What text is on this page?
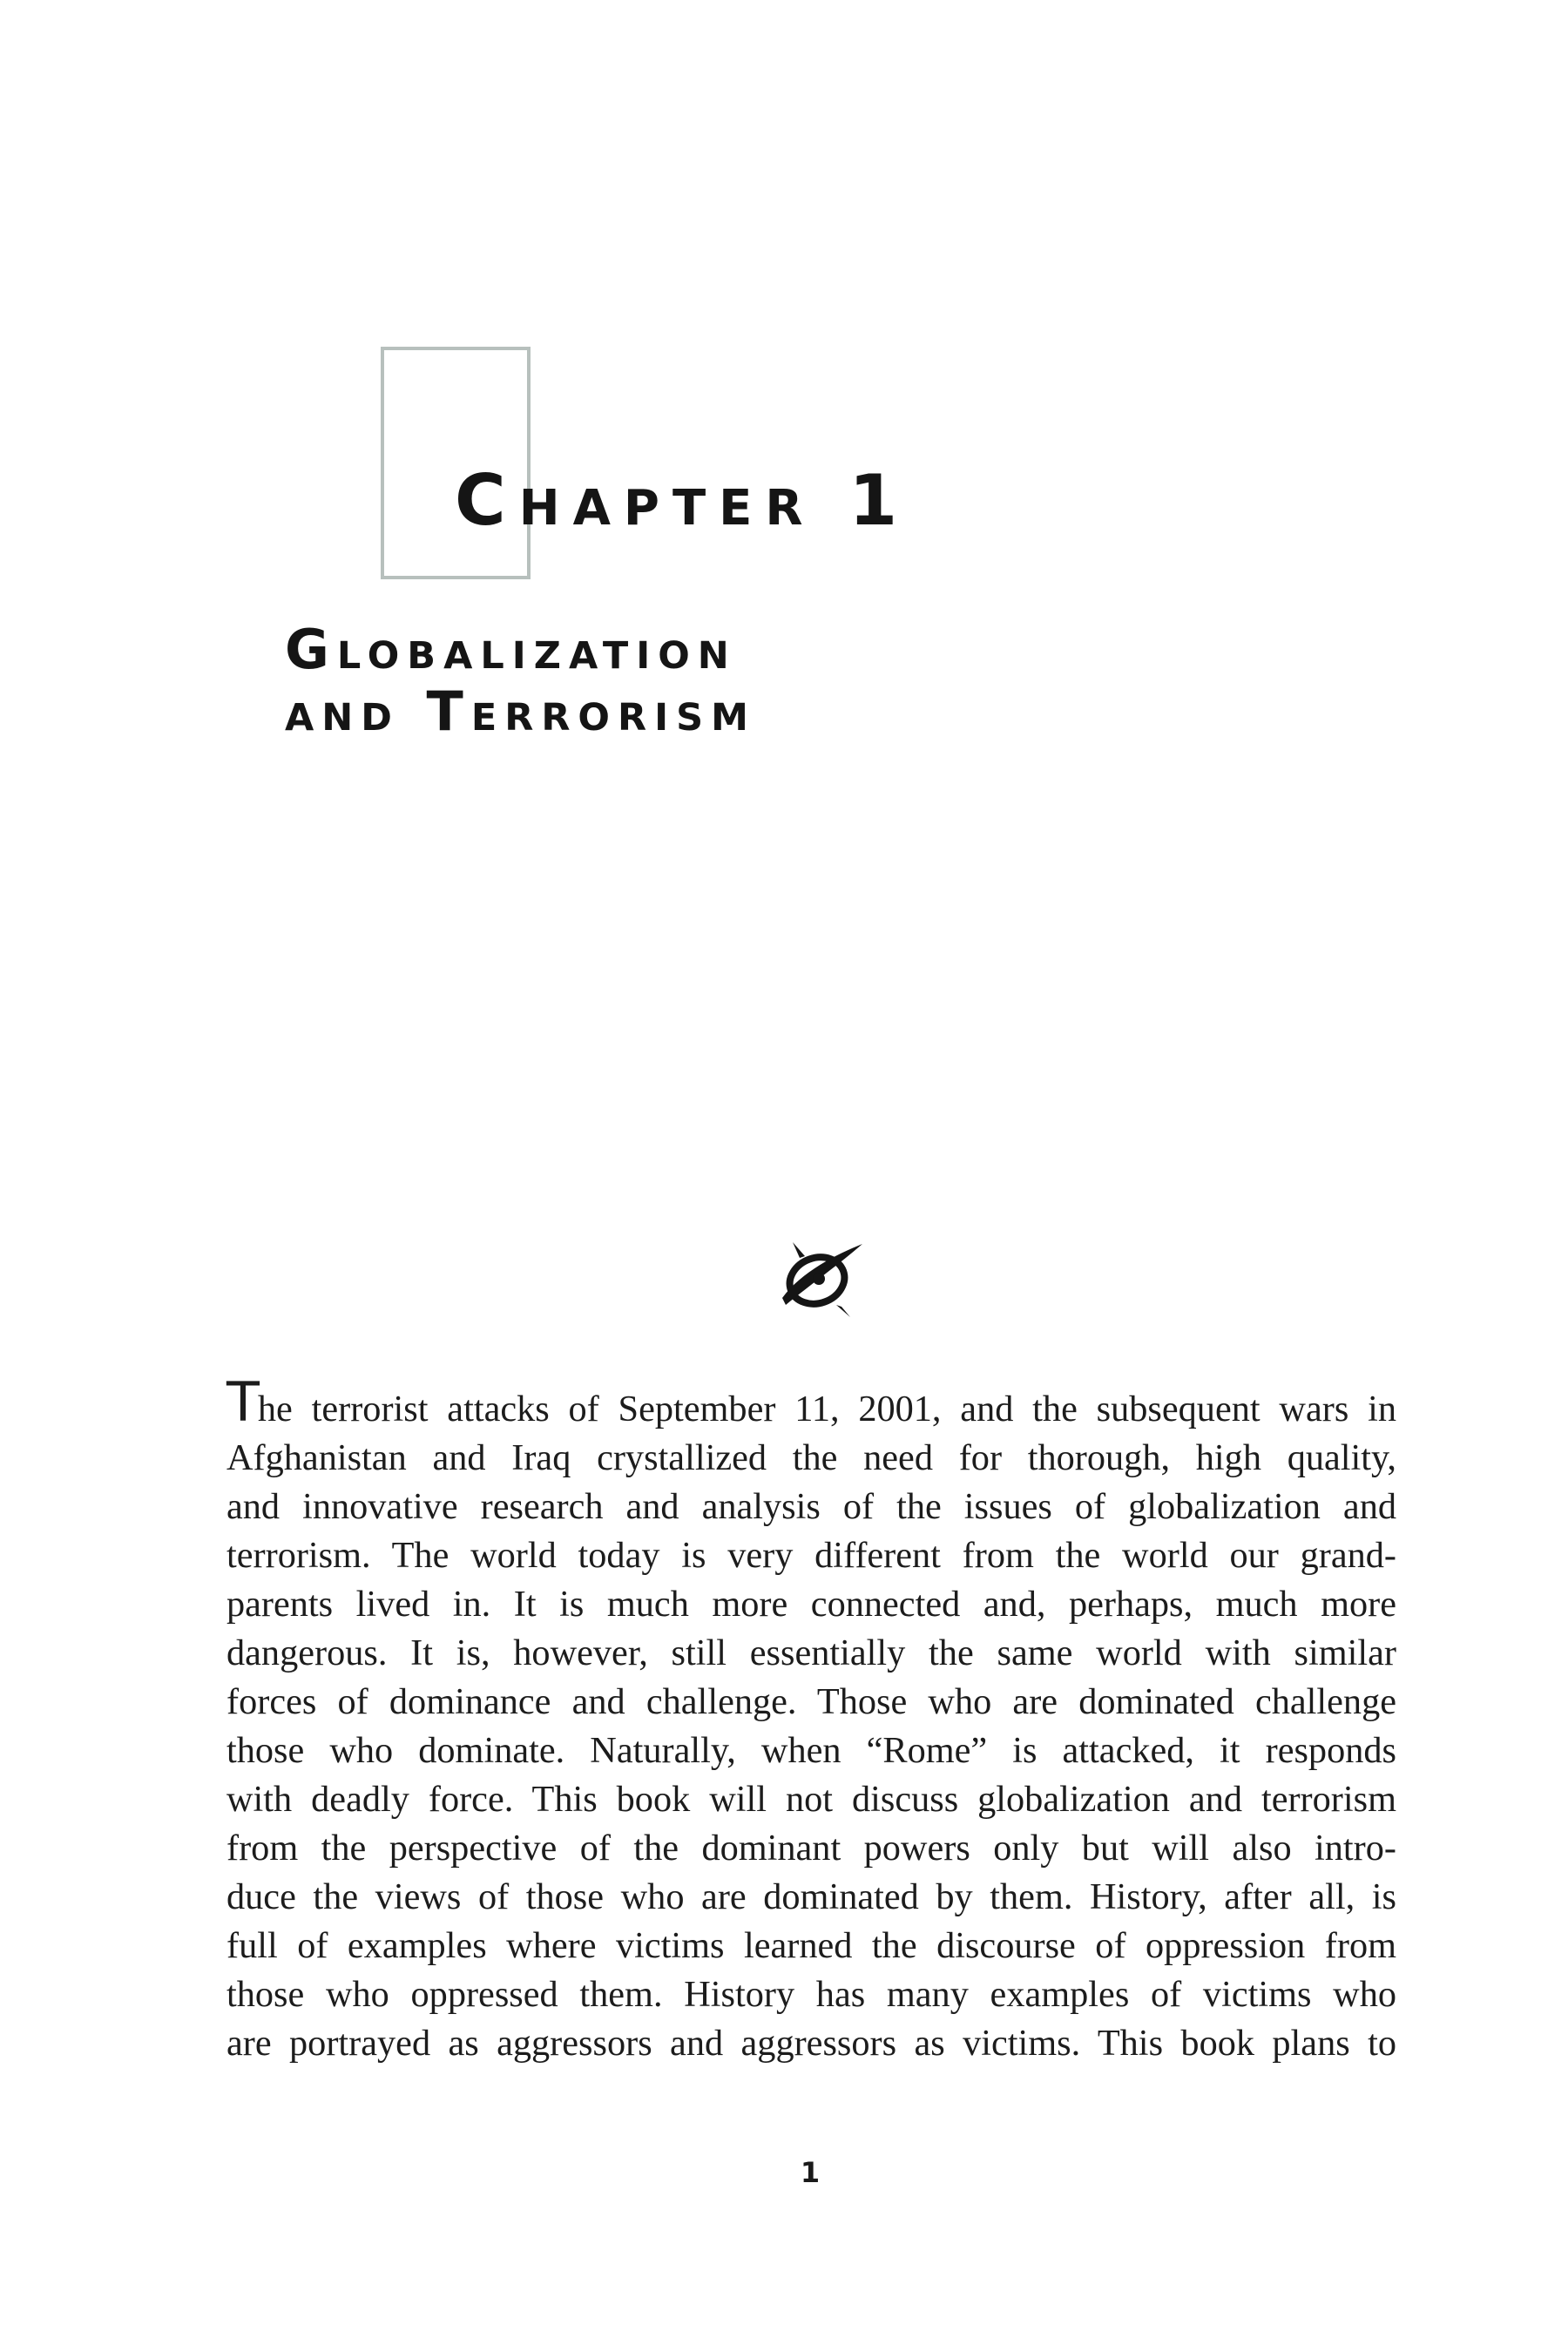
Chapter 1
Globalization
and Terrorism
The terrorist attacks of September 11, 2001, and the subsequent wars in
Afghanistan and Iraq crystallized the need for thorough, high quality,
and innovative research and analysis of the issues of globalization and
terrorism. The world today is very different from the world our grand-
parents lived in. It is much more connected and, perhaps, much more
dangerous. It is, however, still essentially the same world with similar
forces of dominance and challenge. Those who are dominated challenge
those who dominate. Naturally, when “Rome” is attacked, it responds
with deadly force. This book will not discuss globalization and terrorism
from the perspective of the dominant powers only but will also intro-
duce the views of those who are dominated by them. History, after all, is
full of examples where victims learned the discourse of oppression from
those who oppressed them. History has many examples of victims who
are portrayed as aggressors and aggressors as victims. This book plans to
1
